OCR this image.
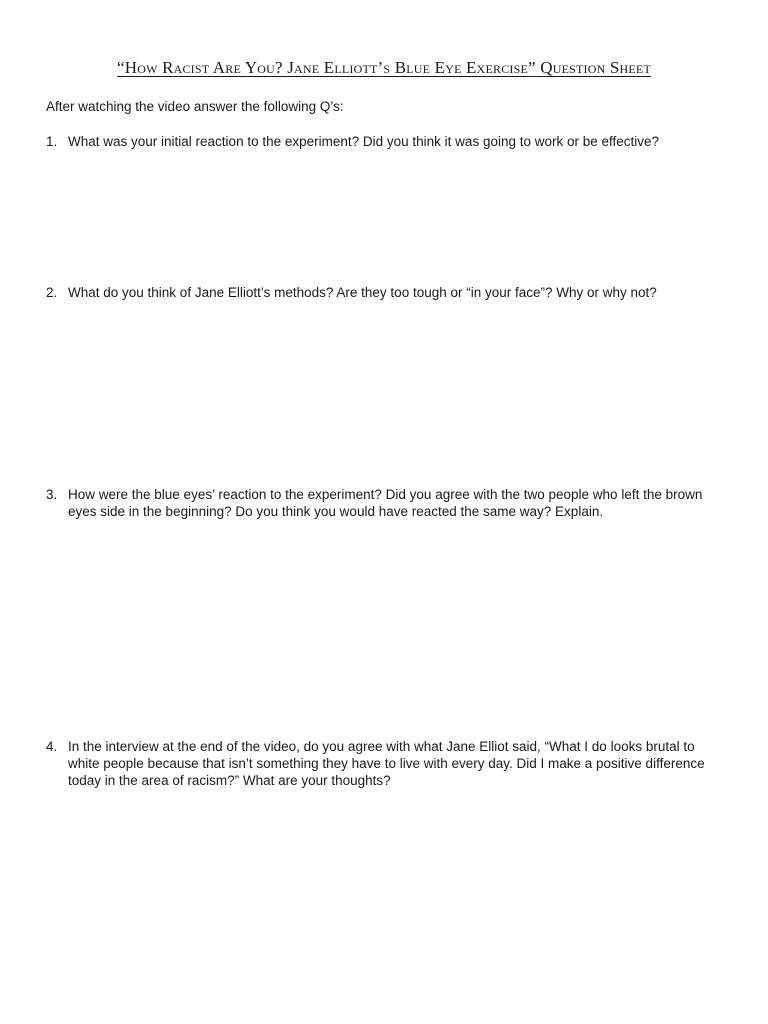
“How Racist Are You? Jane Elliott’s Blue Eye Exercise” Question Sheet
After watching the video answer the following Q’s:
1. What was your initial reaction to the experiment? Did you think it was going to work or be effective?
2. What do you think of Jane Elliott’s methods? Are they too tough or “in your face”? Why or why not?
3. How were the blue eyes’ reaction to the experiment? Did you agree with the two people who left the brown eyes side in the beginning? Do you think you would have reacted the same way? Explain.
4. In the interview at the end of the video, do you agree with what Jane Elliot said, “What I do looks brutal to white people because that isn’t something they have to live with every day. Did I make a positive difference today in the area of racism?” What are your thoughts?
